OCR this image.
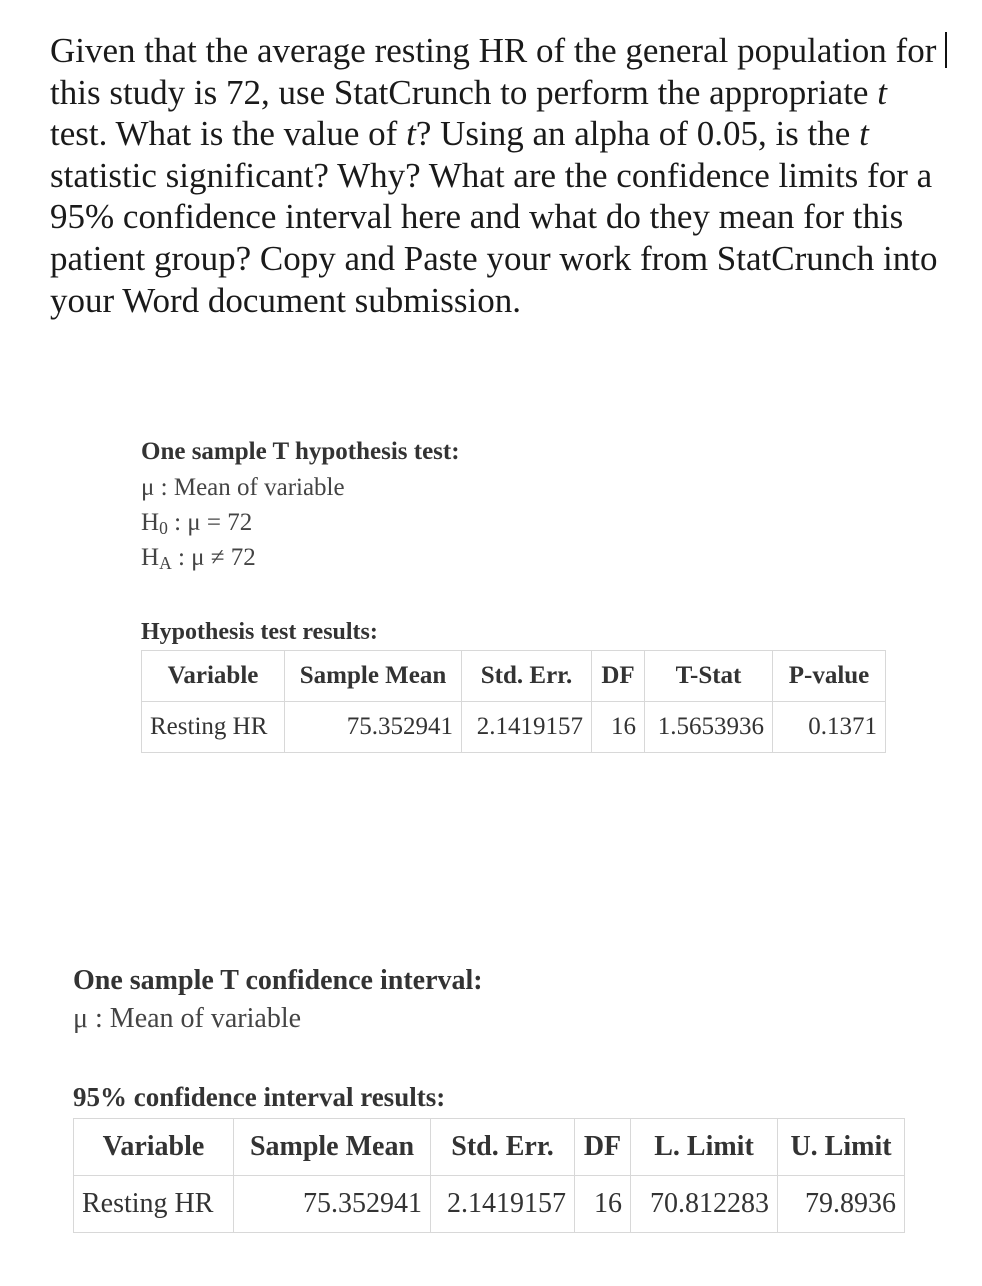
Given that the average resting HR of the general population for this study is 72, use StatCrunch to perform the appropriate t test. What is the value of t? Using an alpha of 0.05, is the t statistic significant? Why? What are the confidence limits for a 95% confidence interval here and what do they mean for this patient group? Copy and Paste your work from StatCrunch into your Word document submission.
One sample T hypothesis test:
μ : Mean of variable
$H_0$ : μ = 72
$H_A$ : μ ≠ 72
Hypothesis test results:
Variable	Sample Mean	Std. Err.	DF	T-Stat	P-value
Resting HR	75.352941	2.1419157	16	1.5653936	0.1371
One sample T confidence interval:
μ : Mean of variable
95% confidence interval results:
Variable	Sample Mean	Std. Err.	DF	L. Limit	U. Limit
Resting HR	75.352941	2.1419157	16	70.812283	79.8936
